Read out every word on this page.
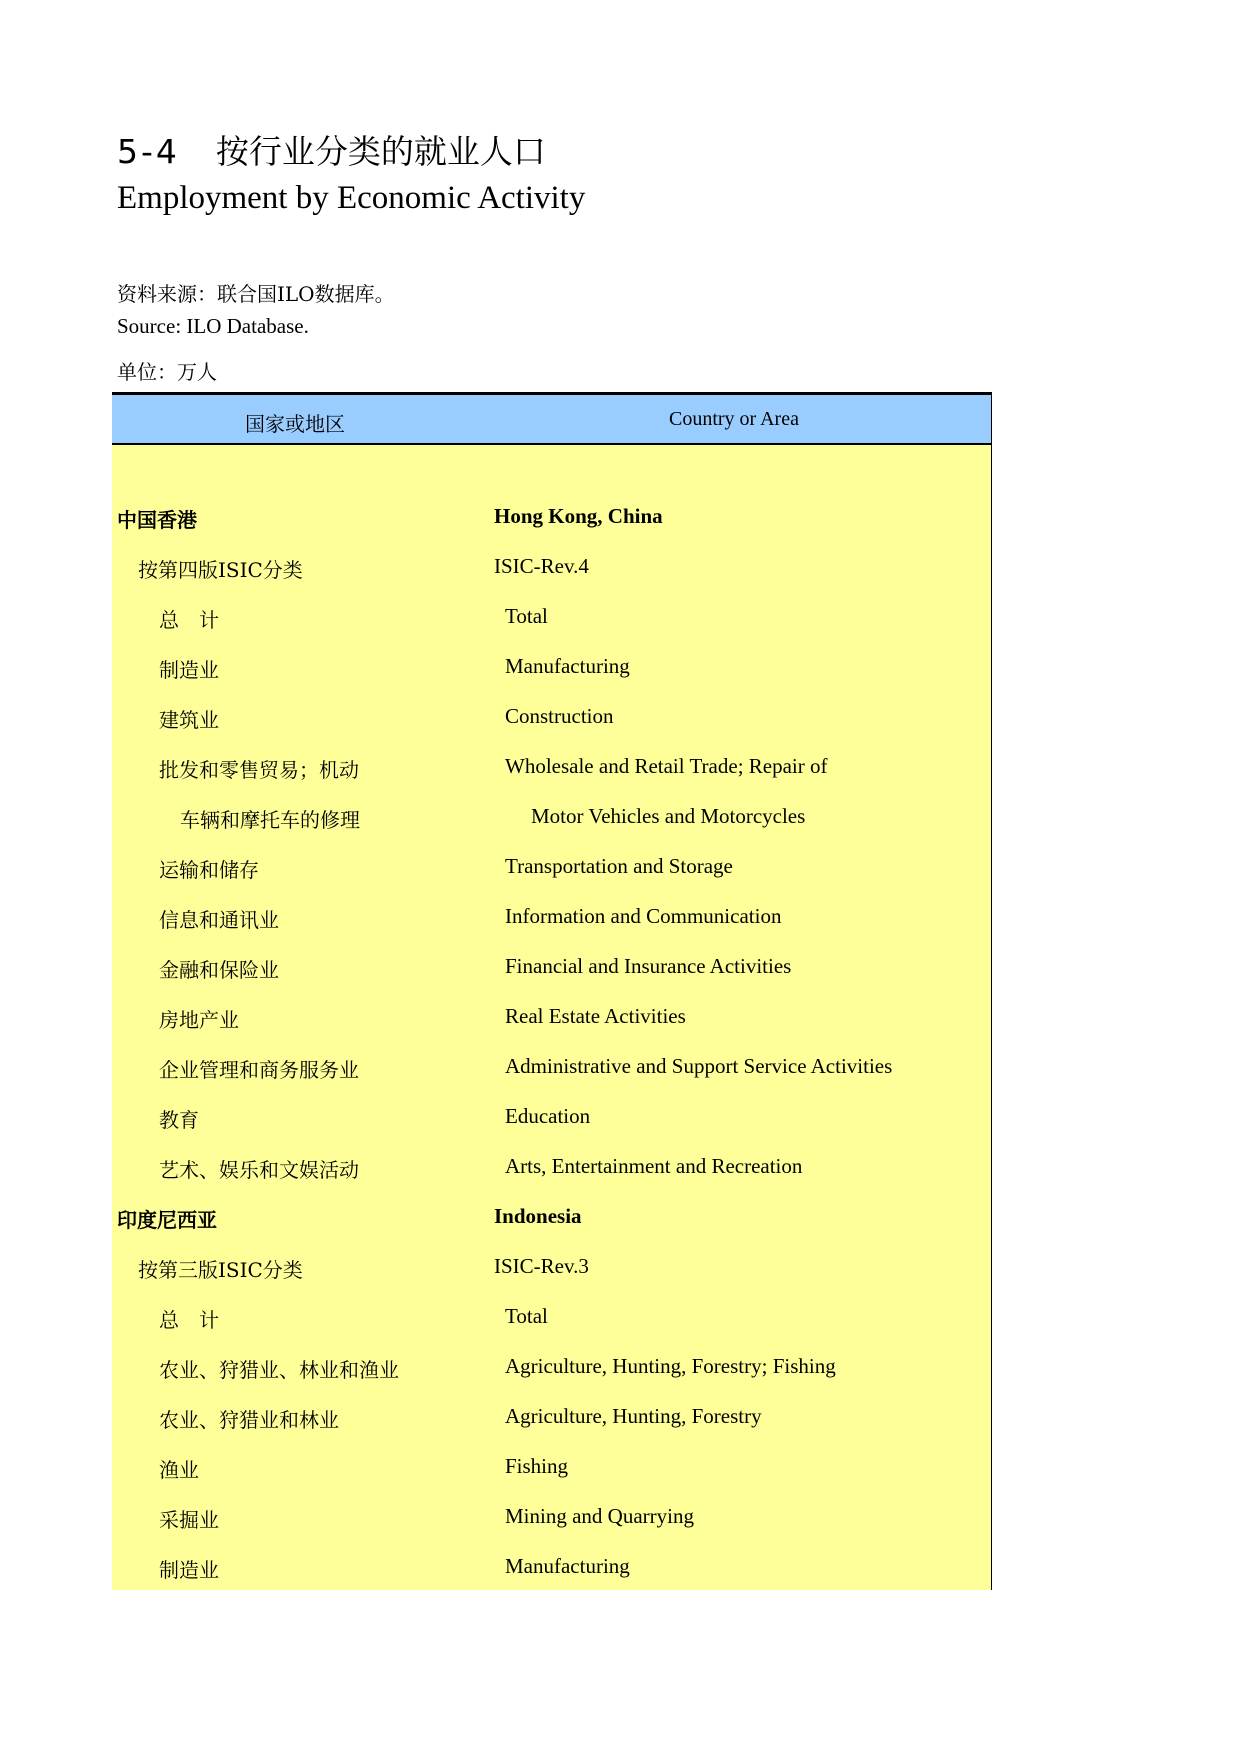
5-4 按行业分类的就业人口
Employment by Economic Activity
资料来源：联合国ILO数据库。
Source: ILO Database.
单位：万人
国家或地区	Country or Area
中国香港	Hong Kong, China
按第四版ISIC分类	ISIC-Rev.4
总　计	Total
制造业	Manufacturing
建筑业	Construction
批发和零售贸易；机动	Wholesale and Retail Trade; Repair of
车辆和摩托车的修理	Motor Vehicles and Motorcycles
运输和储存	Transportation and Storage
信息和通讯业	Information and Communication
金融和保险业	Financial and Insurance Activities
房地产业	Real Estate Activities
企业管理和商务服务业	Administrative and Support Service Activities
教育	Education
艺术、娱乐和文娱活动	Arts, Entertainment and Recreation
印度尼西亚	Indonesia
按第三版ISIC分类	ISIC-Rev.3
总　计	Total
农业、狩猎业、林业和渔业	Agriculture, Hunting, Forestry; Fishing
农业、狩猎业和林业	Agriculture, Hunting, Forestry
渔业	Fishing
采掘业	Mining and Quarrying
制造业	Manufacturing
